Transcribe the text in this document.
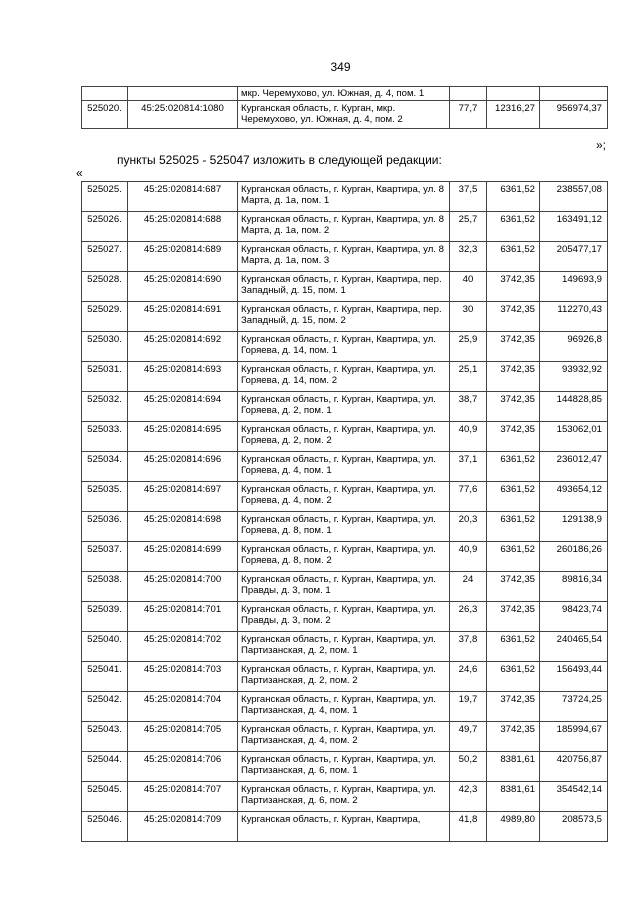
349
		мкр. Черемухово, ул. Южная, д. 4, пом. 1			
525020.	45:25:020814:1080	Курганская область, г. Курган, мкр. Черемухово, ул. Южная, д. 4, пом. 2	77,7	12316,27	956974,37
»;
пункты 525025 - 525047 изложить в следующей редакции:
«
525025.	45:25:020814:687	Курганская область, г. Курган, Квартира, ул. 8 Марта, д. 1а, пом. 1	37,5	6361,52	238557,08
525026.	45:25:020814:688	Курганская область, г. Курган, Квартира, ул. 8 Марта, д. 1а, пом. 2	25,7	6361,52	163491,12
525027.	45:25:020814:689	Курганская область, г. Курган, Квартира, ул. 8 Марта, д. 1а, пом. 3	32,3	6361,52	205477,17
525028.	45:25:020814:690	Курганская область, г. Курган, Квартира, пер. Западный, д. 15, пом. 1	40	3742,35	149693,9
525029.	45:25:020814:691	Курганская область, г. Курган, Квартира, пер. Западный, д. 15, пом. 2	30	3742,35	112270,43
525030.	45:25:020814:692	Курганская область, г. Курган, Квартира, ул. Горяева, д. 14, пом. 1	25,9	3742,35	96926,8
525031.	45:25:020814:693	Курганская область, г. Курган, Квартира, ул. Горяева, д. 14, пом. 2	25,1	3742,35	93932,92
525032.	45:25:020814:694	Курганская область, г. Курган, Квартира, ул. Горяева, д. 2, пом. 1	38,7	3742,35	144828,85
525033.	45:25:020814:695	Курганская область, г. Курган, Квартира, ул. Горяева, д. 2, пом. 2	40,9	3742,35	153062,01
525034.	45:25:020814:696	Курганская область, г. Курган, Квартира, ул. Горяева, д. 4, пом. 1	37,1	6361,52	236012,47
525035.	45:25:020814:697	Курганская область, г. Курган, Квартира, ул. Горяева, д. 4, пом. 2	77,6	6361,52	493654,12
525036.	45:25:020814:698	Курганская область, г. Курган, Квартира, ул. Горяева, д. 8, пом. 1	20,3	6361,52	129138,9
525037.	45:25:020814:699	Курганская область, г. Курган, Квартира, ул. Горяева, д. 8, пом. 2	40,9	6361,52	260186,26
525038.	45:25:020814:700	Курганская область, г. Курган, Квартира, ул. Правды, д. 3, пом. 1	24	3742,35	89816,34
525039.	45:25:020814:701	Курганская область, г. Курган, Квартира, ул. Правды, д. 3, пом. 2	26,3	3742,35	98423,74
525040.	45:25:020814:702	Курганская область, г. Курган, Квартира, ул. Партизанская, д. 2, пом. 1	37,8	6361,52	240465,54
525041.	45:25:020814:703	Курганская область, г. Курган, Квартира, ул. Партизанская, д. 2, пом. 2	24,6	6361,52	156493,44
525042.	45:25:020814:704	Курганская область, г. Курган, Квартира, ул. Партизанская, д. 4, пом. 1	19,7	3742,35	73724,25
525043.	45:25:020814:705	Курганская область, г. Курган, Квартира, ул. Партизанская, д. 4, пом. 2	49,7	3742,35	185994,67
525044.	45:25:020814:706	Курганская область, г. Курган, Квартира, ул. Партизанская, д. 6, пом. 1	50,2	8381,61	420756,87
525045.	45:25:020814:707	Курганская область, г. Курган, Квартира, ул. Партизанская, д. 6, пом. 2	42,3	8381,61	354542,14
525046.	45:25:020814:709	Курганская область, г. Курган, Квартира,	41,8	4989,80	208573,5
